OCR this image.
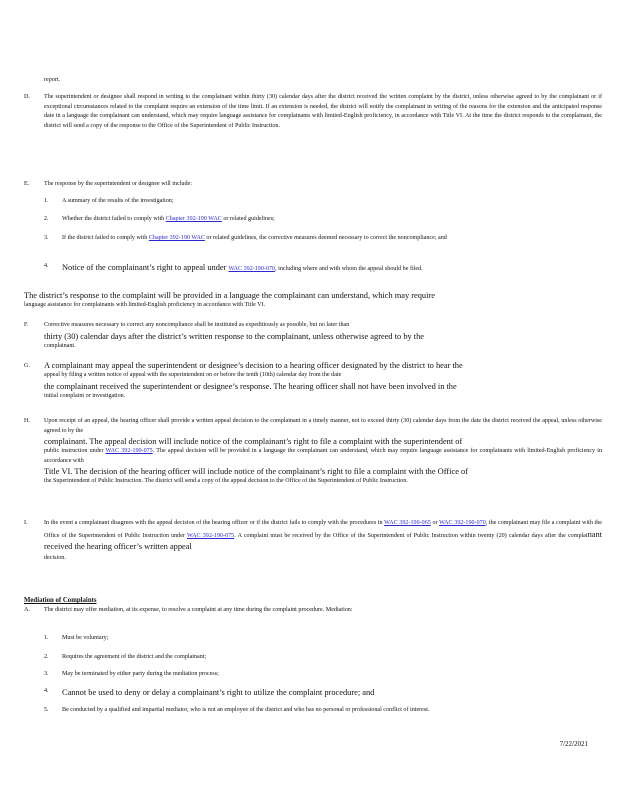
report.
D.	The superintendent or designee shall respond in writing to the complainant within thirty (30) calendar days after the district received the written complaint by the district, unless otherwise agreed to by the complainant or if exceptional circumstances related to the complaint require an extension of the time limit. If an extension is needed, the district will notify the complainant in writing of the reasons for the extension and the anticipated response date in a language the complainant can understand, which may require language assistance for complainants with limited-English proficiency, in accordance with Title VI. At the time the district responds to the complainant, the district will send a copy of the response to the Office of the Superintendent of Public Instruction.
E.	The response by the superintendent or designee will include:
1. A summary of the results of the investigation;
2. Whether the district failed to comply with Chapter 392-190 WAC or related guidelines;
3. If the district failed to comply with Chapter 392-190 WAC or related guidelines, the corrective measures deemed necessary to correct the noncompliance; and
4. Notice of the complainant’s right to appeal under WAC 392-190-070, including where and with whom the appeal should be filed.
The district’s response to the complaint will be provided in a language the complainant can understand, which may require
language assistance for complainants with limited-English proficiency in accordance with Title VI.
F.	Corrective measures necessary to correct any noncompliance shall be instituted as expeditiously as possible, but no later than
thirty (30) calendar days after the district’s written response to the complainant, unless otherwise agreed to by the
complainant.
G. A complainant may appeal the superintendent or designee’s decision to a hearing officer designated by the district to hear the
appeal by filing a written notice of appeal with the superintendent on or before the tenth (10th) calendar day from the date
the complainant received the superintendent or designee’s response. The hearing officer shall not have been involved in the
initial complaint or investigation.
H. Upon receipt of an appeal, the hearing officer shall provide a written appeal decision to the complainant in a timely manner, not to exceed thirty (30) calendar days from the date the district received the appeal, unless otherwise agreed to by the
complainant. The appeal decision will include notice of the complainant’s right to file a complaint with the superintendent of
public instruction under WAC 392-190-075. The appeal decision will be provided in a language the complainant can understand, which may require language assistance for complainants with limited-English proficiency in accordance with
Title VI. The decision of the hearing officer will include notice of the complainant’s right to file a complaint with the Office of
the Superintendent of Public Instruction. The district will send a copy of the appeal decision to the Office of the Superintendent of Public Instruction.
I.	In the event a complainant disagrees with the appeal decision of the hearing officer or if the district fails to comply with the procedures in WAC 392-190-065 or WAC 392-190-070, the complainant may file a complaint with the Office of the Superintendent of Public Instruction under WAC 392-190-075. A complaint must be received by the Office of the Superintendent of Public Instruction within twenty (20) calendar days after the complainant received the hearing officer’s written appeal
decision.
Mediation of Complaints
A.	The district may offer mediation, at its expense, to resolve a complaint at any time during the complaint procedure. Mediation:
1. Must be voluntary;
2. Requires the agreement of the district and the complainant;
3. May be terminated by either party during the mediation process;
4. Cannot be used to deny or delay a complainant’s right to utilize the complaint procedure; and
5. Be conducted by a qualified and impartial mediator, who is not an employee of the district and who has no personal or professional conflict of interest.
7/22/2021
